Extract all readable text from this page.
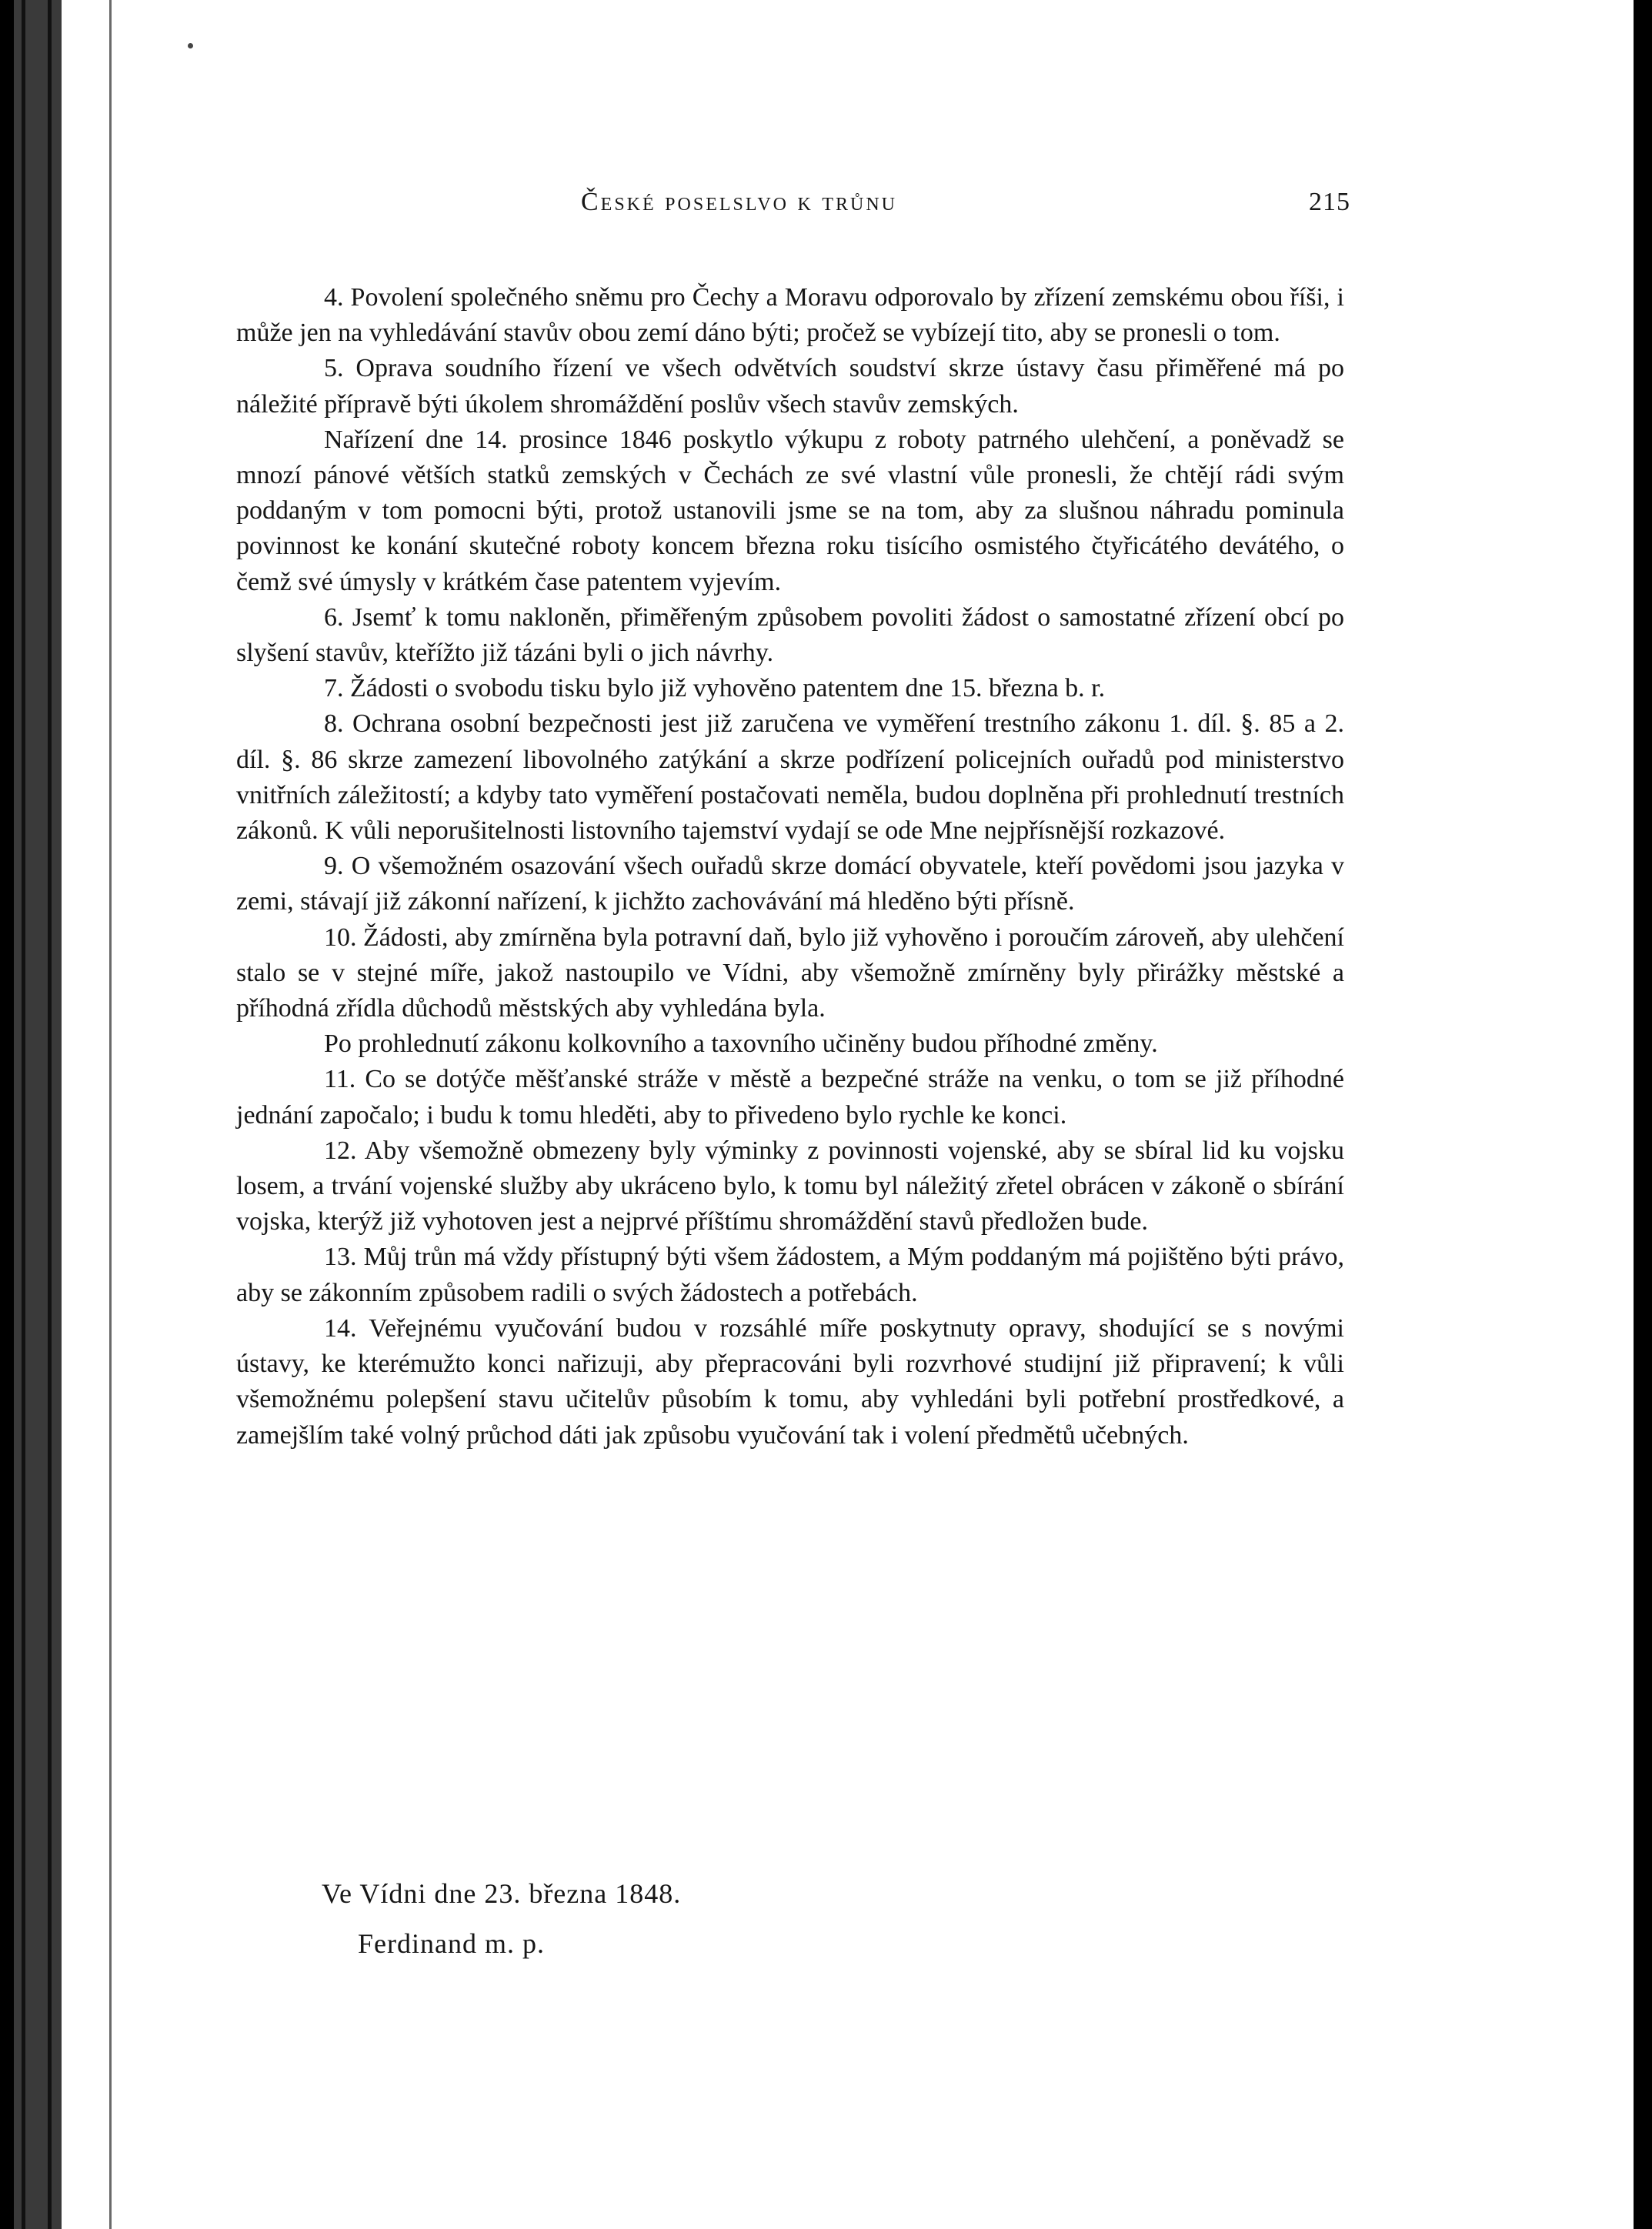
České poselslvo k trůnu	215

4. Povolení společného sněmu pro Čechy a Moravu odporovalo by zřízení zemskému obou říši, i může jen na vyhledávání stavův obou zemí dáno býti; pročež se vybízejí tito, aby se pronesli o tom.

5. Oprava soudního řízení ve všech odvětvích soudství skrze ústavy času přiměřené má po náležité přípravě býti úkolem shromáždění poslův všech stavův zemských.

Nařízení dne 14. prosince 1846 poskytlo výkupu z roboty patrného ulehčení, a poněvadž se mnozí pánové větších statků zemských v Čechách ze své vlastní vůle pronesli, že chtějí rádi svým poddaným v tom pomocni býti, protož ustanovili jsme se na tom, aby za slušnou náhradu pominula povinnost ke konání skutečné roboty koncem března roku tisícího osmistého čtyřicátého devátého, o čemž své úmysly v krátkém čase patentem vyjevím.

6. Jsemť k tomu nakloněn, přiměřeným způsobem povoliti žádost o samostatné zřízení obcí po slyšení stavův, kteřížto již tázáni byli o jich návrhy.

7. Žádosti o svobodu tisku bylo již vyhověno patentem dne 15. března b. r.

8. Ochrana osobní bezpečnosti jest již zaručena ve vyměření trestního zákonu 1. díl. §. 85 a 2. díl. §. 86 skrze zamezení libovolného zatýkání a skrze podřízení policejních ouřadů pod ministerstvo vnitřních záležitostí; a kdyby tato vyměření postačovati neměla, budou doplněna při prohlednutí trestních zákonů. K vůli neporušitelnosti listovního tajemství vydají se ode Mne nejpřísnější rozkazové.

9. O všemožném osazování všech ouřadů skrze domácí obyvatele, kteří povědomi jsou jazyka v zemi, stávají již zákonní nařízení, k jichžto zachovávání má hleděno býti přísně.

10. Žádosti, aby zmírněna byla potravní daň, bylo již vyhověno i poroučím zároveň, aby ulehčení stalo se v stejné míře, jakož nastoupilo ve Vídni, aby všemožně zmírněny byly přirážky městské a příhodná zřídla důchodů městských aby vyhledána byla.

Po prohlednutí zákonu kolkovního a taxovního učiněny budou příhodné změny.

11. Co se dotýče měšťanské stráže v městě a bezpečné stráže na venku, o tom se již příhodné jednání započalo; i budu k tomu hleděti, aby to přivedeno bylo rychle ke konci.

12. Aby všemožně obmezeny byly výminky z povinnosti vojenské, aby se sbíral lid ku vojsku losem, a trvání vojenské služby aby ukráceno bylo, k tomu byl náležitý zřetel obrácen v zákoně o sbírání vojska, kterýž již vyhotoven jest a nejprvé příštímu shromáždění stavů předložen bude.

13. Můj trůn má vždy přístupný býti všem žádostem, a Mým poddaným má pojištěno býti právo, aby se zákonním způsobem radili o svých žádostech a potřebách.

14. Veřejnému vyučování budou v rozsáhlé míře poskytnuty opravy, shodující se s novými ústavy, ke kterémužto konci nařizuji, aby přepracováni byli rozvrhové studijní již připravení; k vůli všemožnému polepšení stavu učitelův působím k tomu, aby vyhledáni byli potřební prostředkové, a zamejšlím také volný průchod dáti jak způsobu vyučování tak i volení předmětů učebných.

Ve Vídni dne 23. března 1848.
Ferdinand m. p.
